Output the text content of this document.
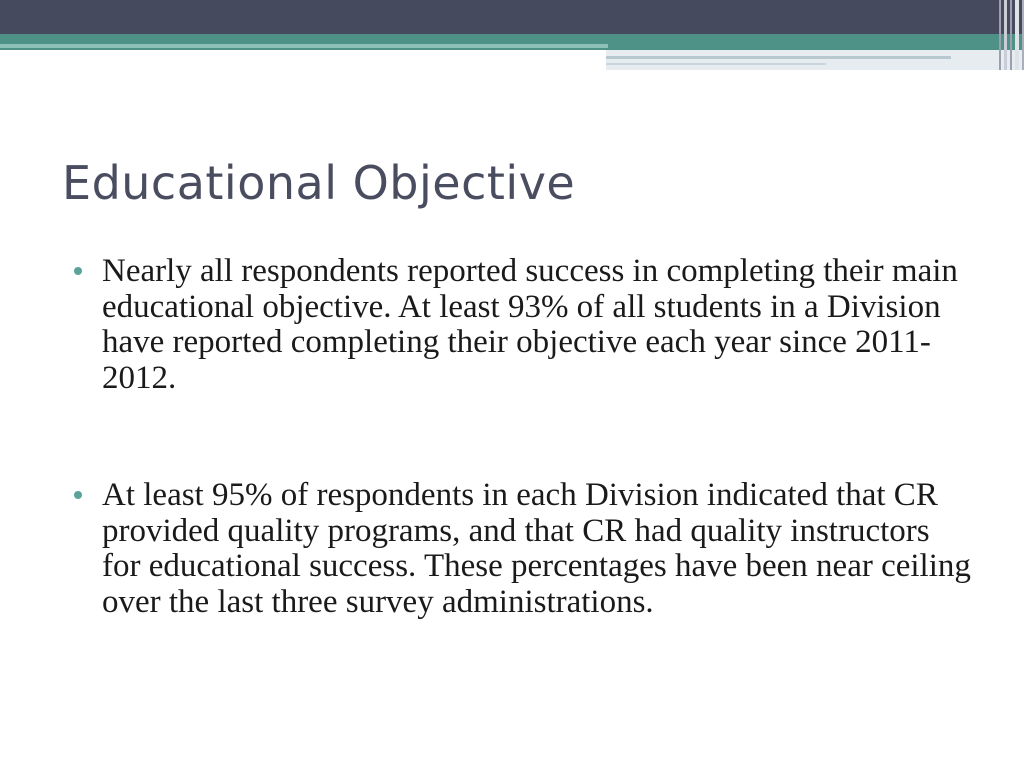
Educational Objective
Nearly all respondents reported success in completing their main educational objective. At least 93% of all students in a Division have reported completing their objective each year since 2011-2012.
At least 95% of respondents in each Division indicated that CR provided quality programs, and that CR had quality instructors for educational success. These percentages have been near ceiling over the last three survey administrations.
